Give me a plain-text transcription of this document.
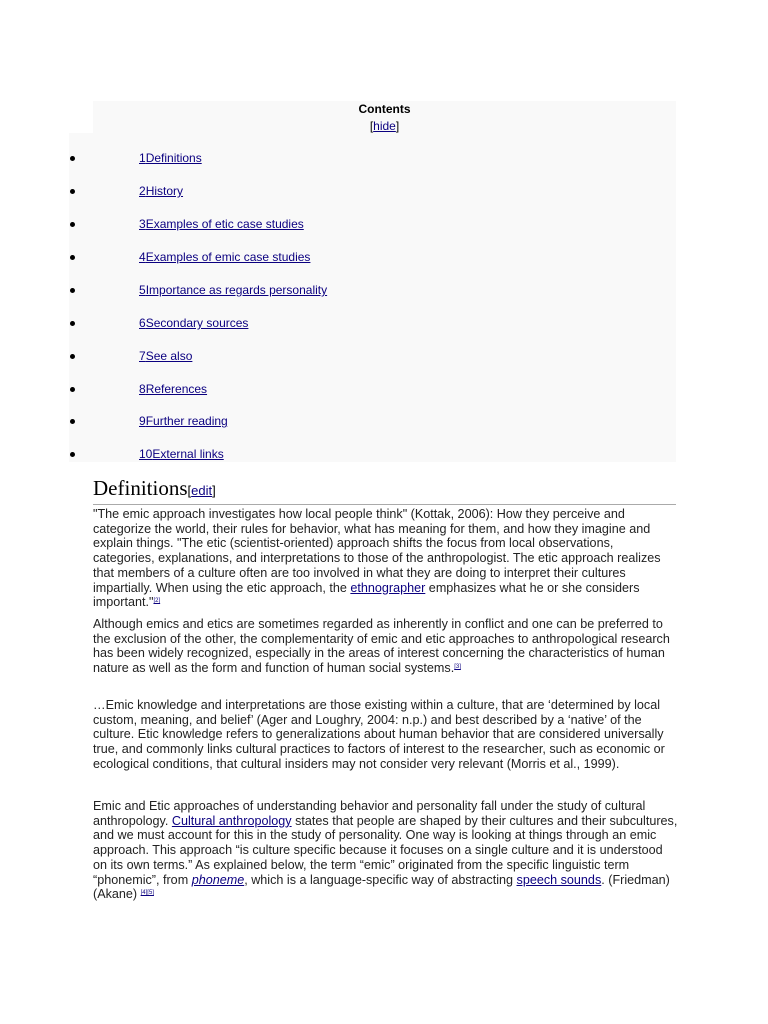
Contents
[hide]
1Definitions
2History
3Examples of etic case studies
4Examples of emic case studies
5Importance as regards personality
6Secondary sources
7See also
8References
9Further reading
10External links
Definitions[edit]

"The emic approach investigates how local people think" (Kottak, 2006): How they perceive and categorize the world, their rules for behavior, what has meaning for them, and how they imagine and explain things. "The etic (scientist-oriented) approach shifts the focus from local observations, categories, explanations, and interpretations to those of the anthropologist. The etic approach realizes that members of a culture often are too involved in what they are doing to interpret their cultures impartially. When using the etic approach, the ethnographer emphasizes what he or she considers important."[2]

Although emics and etics are sometimes regarded as inherently in conflict and one can be preferred to the exclusion of the other, the complementarity of emic and etic approaches to anthropological research has been widely recognized, especially in the areas of interest concerning the characteristics of human nature as well as the form and function of human social systems.[3]

…Emic knowledge and interpretations are those existing within a culture, that are ‘determined by local custom, meaning, and belief’ (Ager and Loughry, 2004: n.p.) and best described by a ‘native’ of the culture. Etic knowledge refers to generalizations about human behavior that are considered universally true, and commonly links cultural practices to factors of interest to the researcher, such as economic or ecological conditions, that cultural insiders may not consider very relevant (Morris et al., 1999).

Emic and Etic approaches of understanding behavior and personality fall under the study of cultural anthropology. Cultural anthropology states that people are shaped by their cultures and their subcultures, and we must account for this in the study of personality. One way is looking at things through an emic approach. This approach “is culture specific because it focuses on a single culture and it is understood on its own terms.” As explained below, the term “emic” originated from the specific linguistic term “phonemic”, from phoneme, which is a language-specific way of abstracting speech sounds. (Friedman) (Akane) [4][5]
